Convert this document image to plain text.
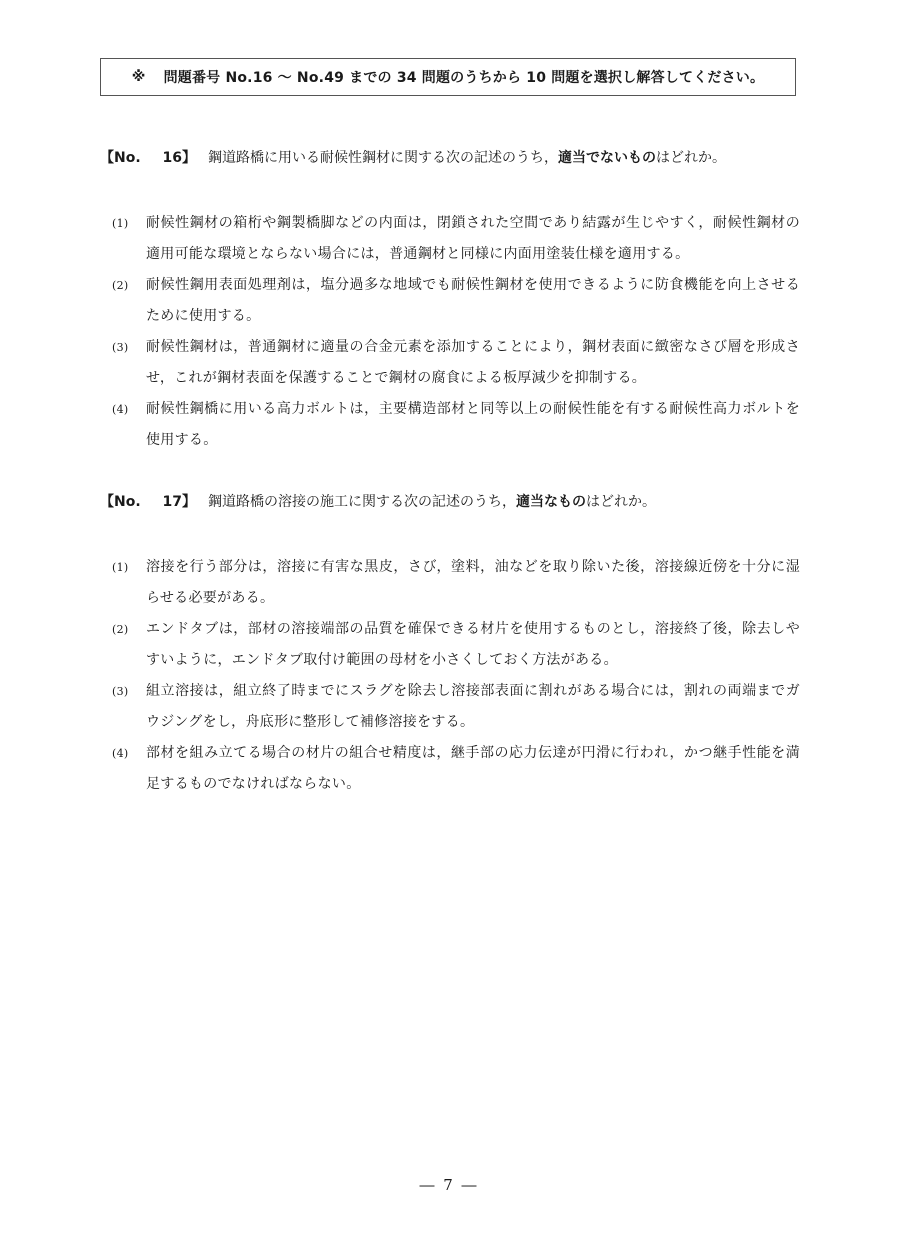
※ 問題番号 No.16 ～ No.49 までの 34 問題のうちから 10 問題を選択し解答してください。
【No. 16】 鋼道路橋に用いる耐候性鋼材に関する次の記述のうち，適当でないものはどれか。
(1)	耐候性鋼材の箱桁や鋼製橋脚などの内面は，閉鎖された空間であり結露が生じやすく，耐候性鋼材の適用可能な環境とならない場合には，普通鋼材と同様に内面用塗装仕様を適用する。
(2)	耐候性鋼用表面処理剤は，塩分過多な地域でも耐候性鋼材を使用できるように防食機能を向上させるために使用する。
(3)	耐候性鋼材は，普通鋼材に適量の合金元素を添加することにより，鋼材表面に緻密なさび層を形成させ，これが鋼材表面を保護することで鋼材の腐食による板厚減少を抑制する。
(4)	耐候性鋼橋に用いる高力ボルトは，主要構造部材と同等以上の耐候性能を有する耐候性高力ボルトを使用する。
【No. 17】 鋼道路橋の溶接の施工に関する次の記述のうち，適当なものはどれか。
(1)	溶接を行う部分は，溶接に有害な黒皮，さび，塗料，油などを取り除いた後，溶接線近傍を十分に湿らせる必要がある。
(2)	エンドタブは，部材の溶接端部の品質を確保できる材片を使用するものとし，溶接終了後，除去しやすいように，エンドタブ取付け範囲の母材を小さくしておく方法がある。
(3)	組立溶接は，組立終了時までにスラグを除去し溶接部表面に割れがある場合には，割れの両端までガウジングをし，舟底形に整形して補修溶接をする。
(4)	部材を組み立てる場合の材片の組合せ精度は，継手部の応力伝達が円滑に行われ，かつ継手性能を満足するものでなければならない。
― 7 ―
